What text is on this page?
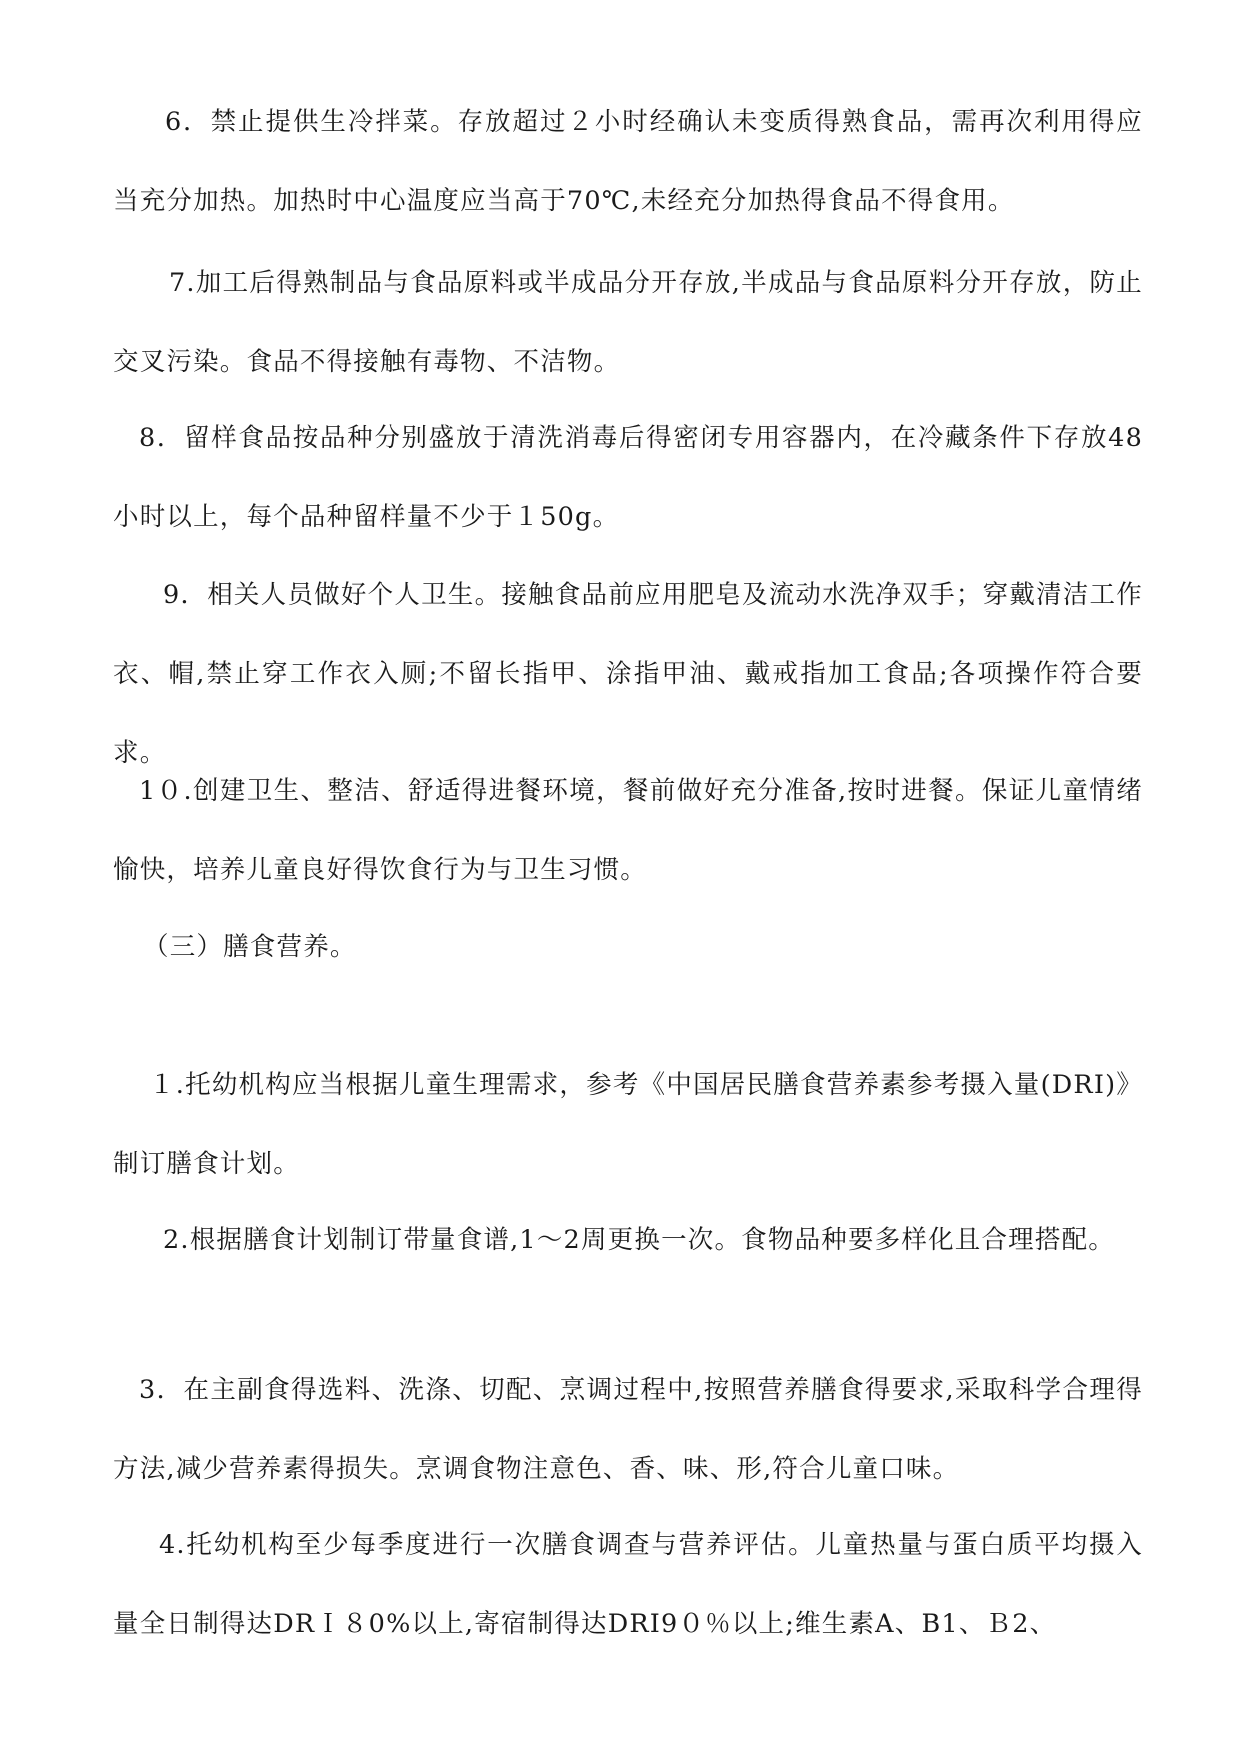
6．禁止提供生冷拌菜。存放超过２小时经确认未变质得熟食品，需再次利用得应当充分加热。加热时中心温度应当高于70℃,未经充分加热得食品不得食用。

7.加工后得熟制品与食品原料或半成品分开存放,半成品与食品原料分开存放，防止交叉污染。食品不得接触有毒物、不洁物。

8．留样食品按品种分别盛放于清洗消毒后得密闭专用容器内，在冷藏条件下存放48小时以上，每个品种留样量不少于１50g。

9．相关人员做好个人卫生。接触食品前应用肥皂及流动水洗净双手；穿戴清洁工作衣、帽,禁止穿工作衣入厕;不留长指甲、涂指甲油、戴戒指加工食品;各项操作符合要求。

1０.创建卫生、整洁、舒适得进餐环境，餐前做好充分准备,按时进餐。保证儿童情绪愉快，培养儿童良好得饮食行为与卫生习惯。

（三）膳食营养。

１.托幼机构应当根据儿童生理需求，参考《中国居民膳食营养素参考摄入量(DRI)》制订膳食计划。

2.根据膳食计划制订带量食谱,1～2周更换一次。食物品种要多样化且合理搭配。

3．在主副食得选料、洗涤、切配、烹调过程中,按照营养膳食得要求,采取科学合理得方法,减少营养素得损失。烹调食物注意色、香、味、形,符合儿童口味。

4.托幼机构至少每季度进行一次膳食调查与营养评估。儿童热量与蛋白质平均摄入量全日制得达DRＩ８0%以上,寄宿制得达DRI9０％以上;维生素A、B1、Ｂ2、
